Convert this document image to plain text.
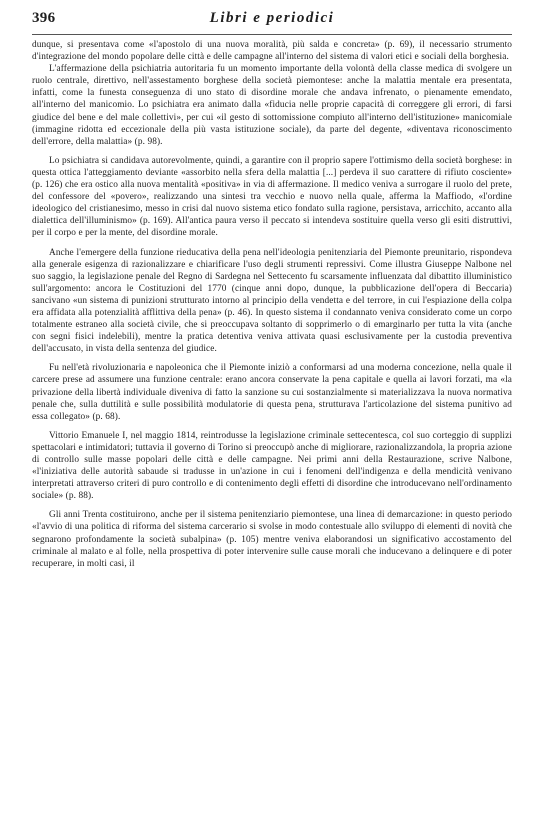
396	Libri e periodici

dunque, si presentava come «l'apostolo di una nuova moralità, più salda e concreta» (p. 69), il necessario strumento d'integrazione del mondo popolare delle città e delle campagne all'interno del sistema di valori etici e sociali della borghesia.

L'affermazione della psichiatria autoritaria fu un momento importante della volontà della classe medica di svolgere un ruolo centrale, direttivo, nell'assestamento borghese della società piemontese: anche la malattia mentale era presentata, infatti, come la funesta conseguenza di uno stato di disordine morale che andava infrenato, o pienamente emendato, all'interno del manicomio. Lo psichiatra era animato dalla «fiducia nelle proprie capacità di correggere gli errori, di farsi giudice del bene e del male collettivi», per cui «il gesto di sottomissione compiuto all'interno dell'istituzione» manicomiale (immagine ridotta ed eccezionale della più vasta istituzione sociale), da parte del degente, «diventava riconoscimento dell'errore, della malattia» (p. 98).

Lo psichiatra si candidava autorevolmente, quindi, a garantire con il proprio sapere l'ottimismo della società borghese: in questa ottica l'atteggiamento deviante «assorbito nella sfera della malattia [...] perdeva il suo carattere di rifiuto cosciente» (p. 126) che era ostico alla nuova mentalità «positiva» in via di affermazione. Il medico veniva a surrogare il ruolo del prete, del confessore del «povero», realizzando una sintesi tra vecchio e nuovo nella quale, afferma la Maffiodo, «l'ordine ideologico del cristianesimo, messo in crisi dal nuovo sistema etico fondato sulla ragione, persistava, arricchito, accanto alla dialettica dell'illuminismo» (p. 169). All'antica paura verso il peccato si intendeva sostituire quella verso gli esiti distruttivi, per il corpo e per la mente, del disordine morale.

Anche l'emergere della funzione rieducativa della pena nell'ideologia penitenziaria del Piemonte preunitario, rispondeva alla generale esigenza di razionalizzare e chiarificare l'uso degli strumenti repressivi. Come illustra Giuseppe Nalbone nel suo saggio, la legislazione penale del Regno di Sardegna nel Settecento fu scarsamente influenzata dal dibattito illuministico sull'argomento: ancora le Costituzioni del 1770 (cinque anni dopo, dunque, la pubblicazione dell'opera di Beccaria) sancivano «un sistema di punizioni strutturato intorno al principio della vendetta e del terrore, in cui l'espiazione della colpa era affidata alla potenzialità afflittiva della pena» (p. 46). In questo sistema il condannato veniva considerato come un corpo totalmente estraneo alla società civile, che si preoccupava soltanto di sopprimerlo o di emarginarlo per tutta la vita (anche con segni fisici indelebili), mentre la pratica detentiva veniva attivata quasi esclusivamente per la custodia preventiva dell'accusato, in vista della sentenza del giudice.

Fu nell'età rivoluzionaria e napoleonica che il Piemonte iniziò a conformarsi ad una moderna concezione, nella quale il carcere prese ad assumere una funzione centrale: erano ancora conservate la pena capitale e quella ai lavori forzati, ma «la privazione della libertà individuale diveniva di fatto la sanzione su cui sostanzialmente si materializzava la nuova normativa penale che, sulla duttilità e sulle possibilità modulatorie di questa pena, strutturava l'articolazione del sistema punitivo ad essa collegato» (p. 68).

Vittorio Emanuele I, nel maggio 1814, reintrodusse la legislazione criminale settecentesca, col suo corteggio di supplizi spettacolari e intimidatori; tuttavia il governo di Torino si preoccupò anche di migliorare, razionalizzandola, la propria azione di controllo sulle masse popolari delle città e delle campagne. Nei primi anni della Restaurazione, scrive Nalbone, «l'iniziativa delle autorità sabaude si tradusse in un'azione in cui i fenomeni dell'indigenza e della mendicità venivano interpretati attraverso criteri di puro controllo e di contenimento degli effetti di disordine che introducevano nell'ordinamento sociale» (p. 88).

Gli anni Trenta costituirono, anche per il sistema penitenziario piemontese, una linea di demarcazione: in questo periodo «l'avvio di una politica di riforma del sistema carcerario si svolse in modo contestuale allo sviluppo di elementi di novità che segnarono profondamente la società subalpina» (p. 105) mentre veniva elaborandosi un significativo accostamento del criminale al malato e al folle, nella prospettiva di poter intervenire sulle cause morali che inducevano a delinquere e di poter recuperare, in molti casi, il
